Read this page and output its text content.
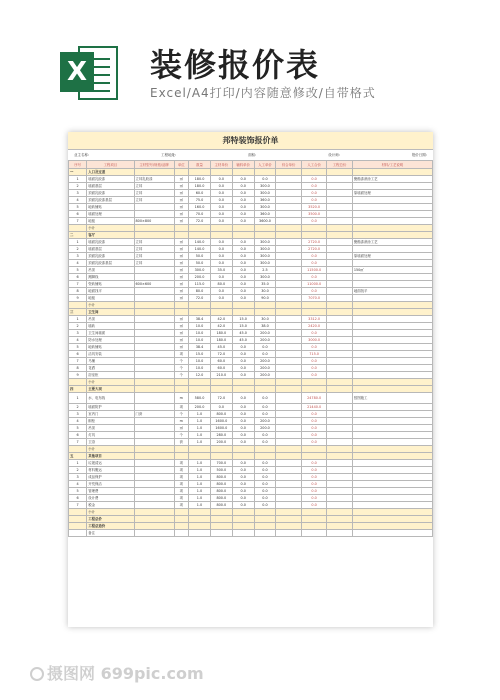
X 装修报价表
Excel/A4打印/内容随意修改/自带格式
邦特装饰报价单
业主名称:	工程地址:	面积:	设计师:	报价日期:
序号	工程项目	主材型号/规格/品牌	单位	数量	主材单价	辅料单价	人工单价	综合单价	人工合价	工程总价	材料/工艺说明
一	入口及过道										
1	墙面乳胶漆	立邦乳胶漆	㎡	180.0	0.0	0.0	0.0		0.0		聚酯漆滚涂工艺
2	墙面基层	立邦	㎡	180.0	0.0	0.0	300.0		0.0		
3	顶面乳胶漆	立邦	㎡	60.0	0.0	0.0	300.0		0.0		原墙面处理
4	顶面乳胶漆基层	立邦	㎡	75.0	0.0	0.0	360.0		0.0		
5	地砖铺贴		㎡	160.0	0.0	0.0	300.0		3520.0		
6	墙面处理		㎡	70.0	0.0	0.0	360.0		3500.0		
7	地板	800×800	㎡	72.0	0.0	0.0	3600.0		0.0		
	小计										
二	客厅										
1	墙面乳胶漆	立邦	㎡	140.0	0.0	0.0	300.0		2720.0		聚酯漆滚涂工艺
2	墙面基层	立邦	㎡	140.0	0.0	0.0	300.0		2720.0		
3	顶面乳胶漆	立邦	㎡	50.0	0.0	0.0	300.0		0.0		原墙面处理
4	顶面乳胶漆基层	立邦	㎡	50.0	0.0	0.0	300.0		0.0		
5	吊顶		㎡	300.0	35.0	0.0	2.5		11500.0		150㎡
6	踢脚线		㎡	200.0	0.0	0.0	300.0		0.0		
7	瓷砖铺贴	600×600	㎡	115.0	80.0	0.0	35.0		11000.0		
8	地面找平		㎡	80.0	0.0	0.0	30.0		0.0		地面找平
9	地板		㎡	72.0	0.0	0.0	90.0		7070.0		
	小计										
三	卫生间										
1	吊顶		㎡	38.4	42.0	15.0	30.0		3312.0		
2	墙砖		㎡	10.0	42.0	15.0	38.0		2420.0		
3	卫生间墙面		㎡	10.0	180.0	45.0	200.0		0.0		
4	防水处理		㎡	10.0	180.0	45.0	200.0		3000.0		
5	地砖铺贴		㎡	38.4	45.0	0.0	0.0		0.0		
6	洁具安装		项	15.0	72.0	0.0	0.0		715.0		
7	马桶		个	10.0	60.0	0.0	200.0		0.0		
8	花洒		个	10.0	60.0	0.0	200.0		0.0		
9	浴室柜		个	12.0	210.0	0.0	200.0		0.0		
	小计										
四	主要大项										
1	水、电布线		m	580.0	72.0	0.0	0.0		24780.0		按图施工
2	墙面防护		项	200.0	0.0	0.0	0.0		21440.0		
3	室内门	门套	个	1.0	800.0	0.0	0.0		0.0		
4	橱柜		m	1.0	1600.0	0.0	200.0		0.0		
5	吊顶		㎡	1.0	1600.0	0.0	200.0		0.0		
6	灯具		个	1.0	280.0	0.0	0.0		0.0		
7	卫浴		套	1.0	200.0	0.0	0.0		0.0		
	小计										
五	其他项目										
1	垃圾清运		项	1.0	700.0	0.0	0.0		0.0		
2	材料搬运		项	1.0	500.0	0.0	0.0		0.0		
3	成品保护		项	1.0	800.0	0.0	0.0		0.0		
4	开荒保洁		项	1.0	800.0	0.0	0.0		0.0		
5	管理费		项	1.0	800.0	0.0	0.0		0.0		
6	设计费		项	1.0	800.0	0.0	0.0		0.0		
7	税金		项	1.0	800.0	0.0	0.0		0.0		
	小计										
	工程总价										
	工程总造价										
	备注										
摄图网 699pic.com
